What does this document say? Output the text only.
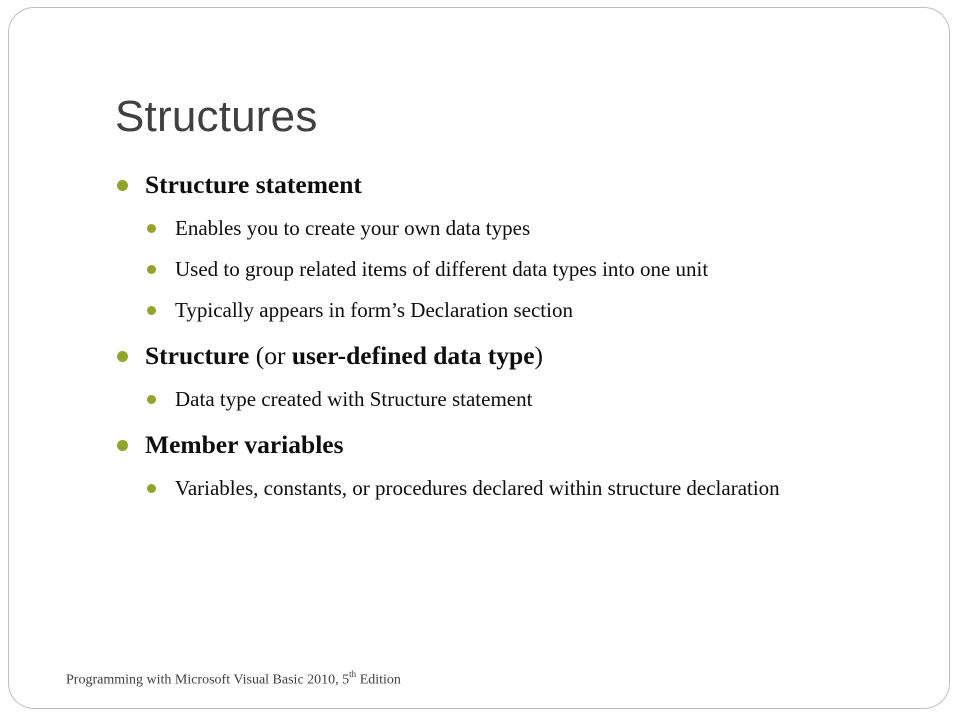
Structures
Structure statement
Enables you to create your own data types
Used to group related items of different data types into one unit
Typically appears in form’s Declaration section
Structure (or user-defined data type)
Data type created with Structure statement
Member variables
Variables, constants, or procedures declared within structure declaration
Programming with Microsoft Visual Basic 2010, 5th Edition
